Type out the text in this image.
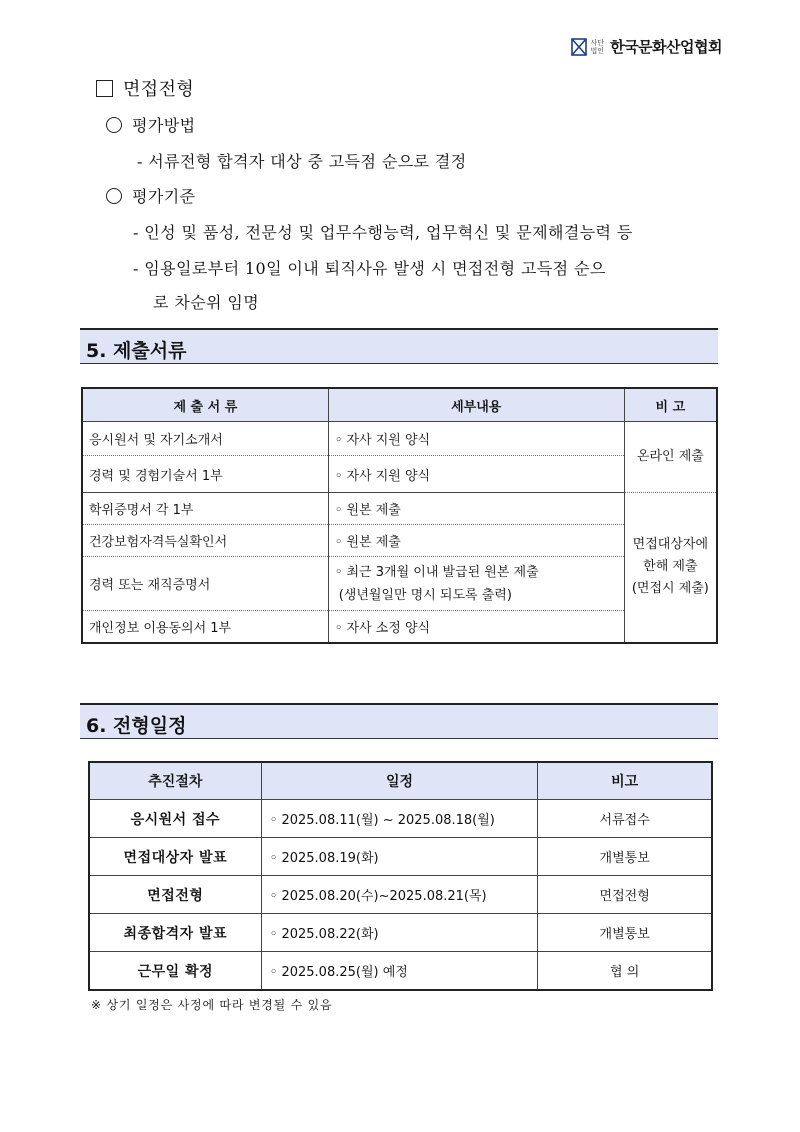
사단
법인 한국문화산업협회
면접전형
평가방법
- 서류전형 합격자 대상 중 고득점 순으로 결정
평가기준
- 인성 및 품성, 전문성 및 업무수행능력, 업무혁신 및 문제해결능력 등
- 임용일로부터 10일 이내 퇴직사유 발생 시 면접전형 고득점 순으
로 차순위 임명
5. 제출서류
제 출 서 류	세부내용	비 고
응시원서 및 자기소개서	◦ 자사 지원 양식	온라인 제출
경력 및 경험기술서 1부	◦ 자사 지원 양식	
학위증명서 각 1부	◦ 원본 제출	면접대상자에
한해 제출
(면접시 제출)

건강보험자격득실확인서	◦ 원본 제출	
경력 또는 재직증명서	◦ 최근 3개월 이내 발급된 원본 제출
(생년월일만 명시 되도록 출력)	

개인정보 이용동의서 1부	◦ 자사 소정 양식	
6. 전형일정
추진절차	일정	비고
응시원서 접수	◦ 2025.08.11(월) ~ 2025.08.18(월)	서류접수
면접대상자 발표	◦ 2025.08.19(화)	개별통보
면접전형	◦ 2025.08.20(수)~2025.08.21(목)	면접전형
최종합격자 발표	◦ 2025.08.22(화)	개별통보
근무일 확정	◦ 2025.08.25(월) 예정	협 의
※ 상기 일정은 사정에 따라 변경될 수 있음
